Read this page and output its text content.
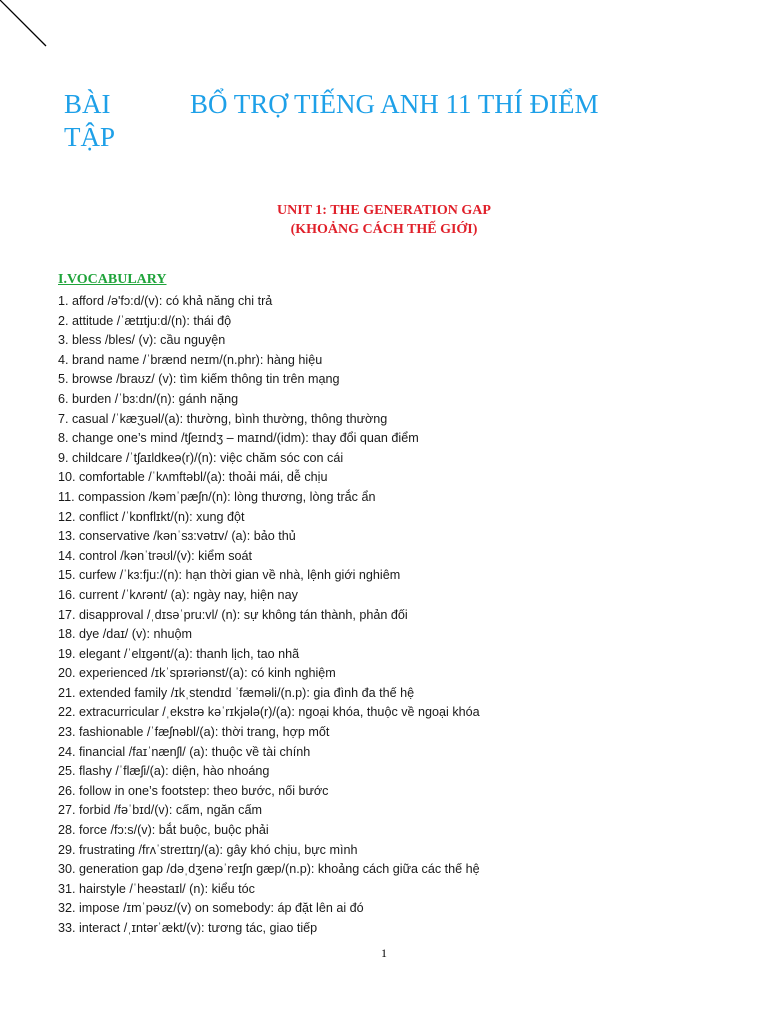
BÀI TẬP
BỔ TRỢ TIẾNG ANH 11 THÍ ĐIỂM
UNIT 1: THE GENERATION GAP
(KHOẢNG CÁCH THẾ GIỚI)
I.VOCABULARY
1. afford /ə'fɔ:d/(v): có khả năng chi trả
2. attitude /ˈætɪtju:d/(n): thái độ
3. bless /bles/ (v): cầu nguyện
4. brand name /ˈbrænd neɪm/(n.phr): hàng hiệu
5. browse /braʊz/ (v): tìm kiếm thông tin trên mạng
6. burden /ˈbɜ:dn/(n): gánh nặng
7. casual /ˈkæʒuəl/(a): thường, bình thường, thông thường
8. change one’s mind /tʃeɪndʒ – maɪnd/(idm): thay đổi quan điểm
9. childcare /ˈtʃaɪldkeə(r)/(n): việc chăm sóc con cái
10. comfortable /ˈkʌmftəbl/(a): thoải mái, dễ chịu
11. compassion /kəmˈpæʃn/(n): lòng thương, lòng trắc ẩn
12. conflict /ˈkɒnflɪkt/(n): xung đột
13. conservative /kənˈsɜ:vətɪv/ (a): bảo thủ
14. control /kənˈtrəʊl/(v): kiểm soát
15. curfew /ˈkɜ:fju:/(n): hạn thời gian về nhà, lệnh giới nghiêm
16. current /ˈkʌrənt/ (a): ngày nay, hiện nay
17. disapproval /ˌdɪsəˈpru:vl/ (n): sự không tán thành, phản đối
18. dye /daɪ/ (v): nhuộm
19. elegant /ˈelɪɡənt/(a): thanh lịch, tao nhã
20. experienced /ɪkˈspɪəriənst/(a): có kinh nghiệm
21. extended family /ɪkˌstendɪd ˈfæməli/(n.p): gia đình đa thế hệ
22. extracurricular /ˌekstrə kəˈrɪkjələ(r)/(a): ngoại khóa, thuộc về ngoại khóa
23. fashionable /ˈfæʃnəbl/(a): thời trang, hợp mốt
24. financial /faɪˈnænʃl/ (a): thuộc về tài chính
25. flashy /ˈflæʃi/(a): diện, hào nhoáng
26. follow in one’s footstep: theo bước, nối bước
27. forbid /fəˈbɪd/(v): cấm, ngăn cấm
28. force /fɔ:s/(v): bắt buộc, buộc phải
29. frustrating /frʌˈstreɪtɪŋ/(a): gây khó chịu, bực mình
30. generation gap /dəˌdʒenəˈreɪʃn ɡæp/(n.p): khoảng cách giữa các thế hệ
31. hairstyle /ˈheəstaɪl/ (n): kiểu tóc
32. impose /ɪmˈpəʊz/(v) on somebody: áp đặt lên ai đó
33. interact /ˌɪntərˈækt/(v): tương tác, giao tiếp
1
